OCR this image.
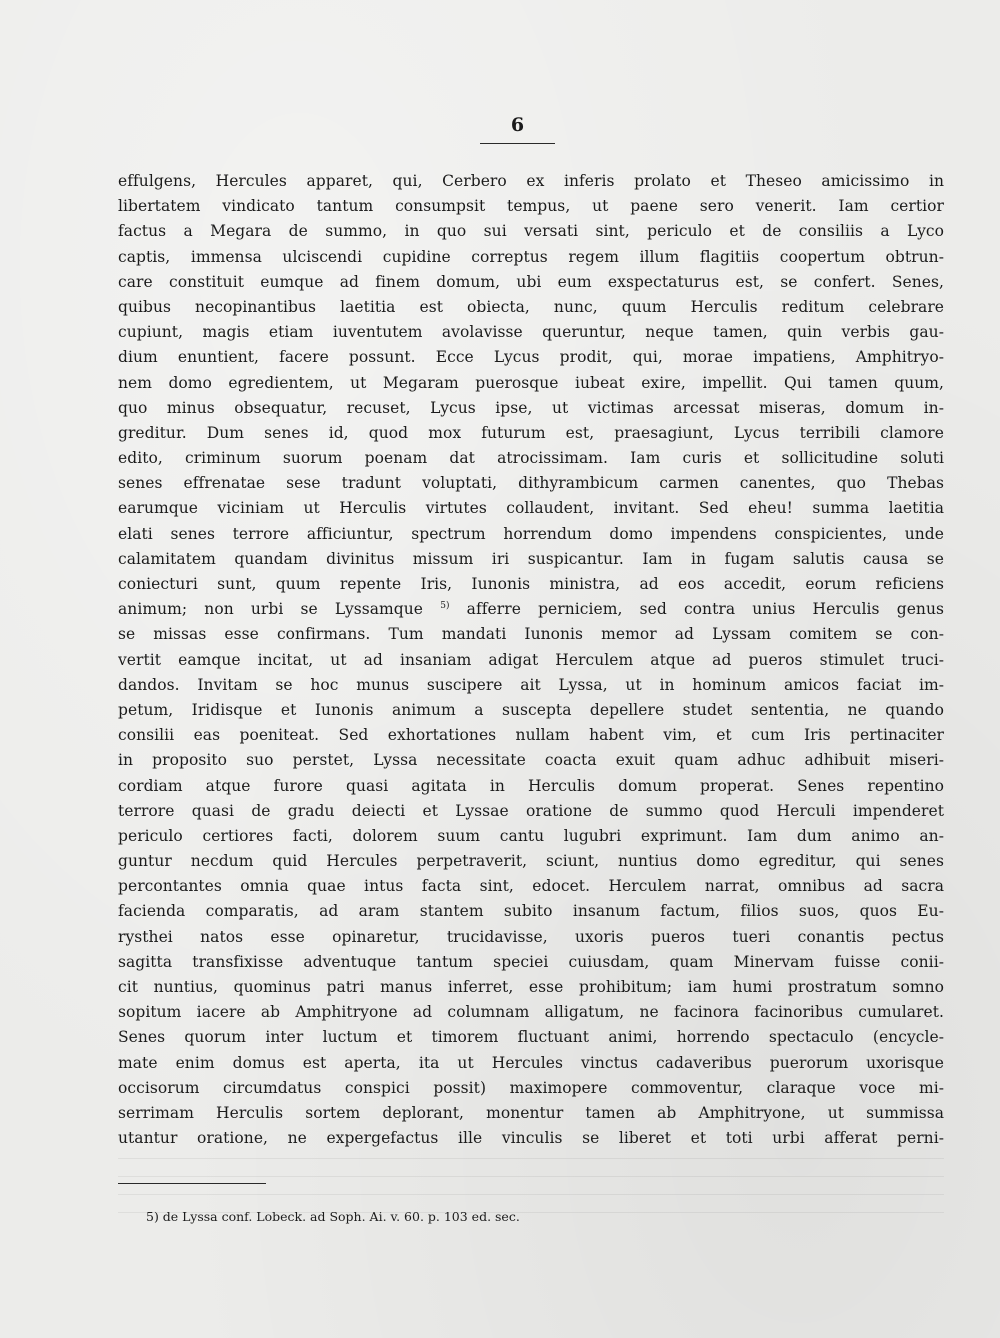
6
effulgens, Hercules apparet, qui, Cerbero ex inferis prolato et Theseo amicissimo in
libertatem vindicato tantum consumpsit tempus, ut paene sero venerit. Iam certior
factus a Megara de summo, in quo sui versati sint, periculo et de consiliis a Lyco
captis, immensa ulciscendi cupidine correptus regem illum flagitiis coopertum obtrun-
care constituit eumque ad finem domum, ubi eum exspectaturus est, se confert. Senes,
quibus necopinantibus laetitia est obiecta, nunc, quum Herculis reditum celebrare
cupiunt, magis etiam iuventutem avolavisse queruntur, neque tamen, quin verbis gau-
dium enuntient, facere possunt. Ecce Lycus prodit, qui, morae impatiens, Amphitryo-
nem domo egredientem, ut Megaram puerosque iubeat exire, impellit. Qui tamen quum,
quo minus obsequatur, recuset, Lycus ipse, ut victimas arcessat miseras, domum in-
greditur. Dum senes id, quod mox futurum est, praesagiunt, Lycus terribili clamore
edito, criminum suorum poenam dat atrocissimam. Iam curis et sollicitudine soluti
senes effrenatae sese tradunt voluptati, dithyrambicum carmen canentes, quo Thebas
earumque viciniam ut Herculis virtutes collaudent, invitant. Sed eheu! summa laetitia
elati senes terrore afficiuntur, spectrum horrendum domo impendens conspicientes, unde
calamitatem quandam divinitus missum iri suspicantur. Iam in fugam salutis causa se
coniecturi sunt, quum repente Iris, Iunonis ministra, ad eos accedit, eorum reficiens
animum; non urbi se Lyssamque $^{5)}$ afferre perniciem, sed contra unius Herculis genus
se missas esse confirmans. Tum mandati Iunonis memor ad Lyssam comitem se con-
vertit eamque incitat, ut ad insaniam adigat Herculem atque ad pueros stimulet truci-
dandos. Invitam se hoc munus suscipere ait Lyssa, ut in hominum amicos faciat im-
petum, Iridisque et Iunonis animum a suscepta depellere studet sententia, ne quando
consilii eas poeniteat. Sed exhortationes nullam habent vim, et cum Iris pertinaciter
in proposito suo perstet, Lyssa necessitate coacta exuit quam adhuc adhibuit miseri-
cordiam atque furore quasi agitata in Herculis domum properat. Senes repentino
terrore quasi de gradu deiecti et Lyssae oratione de summo quod Herculi impenderet
periculo certiores facti, dolorem suum cantu lugubri exprimunt. Iam dum animo an-
guntur necdum quid Hercules perpetraverit, sciunt, nuntius domo egreditur, qui senes
percontantes omnia quae intus facta sint, edocet. Herculem narrat, omnibus ad sacra
facienda comparatis, ad aram stantem subito insanum factum, filios suos, quos Eu-
rysthei natos esse opinaretur, trucidavisse, uxoris pueros tueri conantis pectus
sagitta transfixisse adventuque tantum speciei cuiusdam, quam Minervam fuisse conii-
cit nuntius, quominus patri manus inferret, esse prohibitum; iam humi prostratum somno
sopitum iacere ab Amphitryone ad columnam alligatum, ne facinora facinoribus cumularet.
Senes quorum inter luctum et timorem fluctuant animi, horrendo spectaculo (encycle-
mate enim domus est aperta, ita ut Hercules vinctus cadaveribus puerorum uxorisque
occisorum circumdatus conspici possit) maximopere commoventur, claraque voce mi-
serrimam Herculis sortem deplorant, monentur tamen ab Amphitryone, ut summissa
utantur oratione, ne expergefactus ille vinculis se liberet et toti urbi afferat perni-
5) de Lyssa conf. Lobeck. ad Soph. Ai. v. 60. p. 103 ed. sec.
